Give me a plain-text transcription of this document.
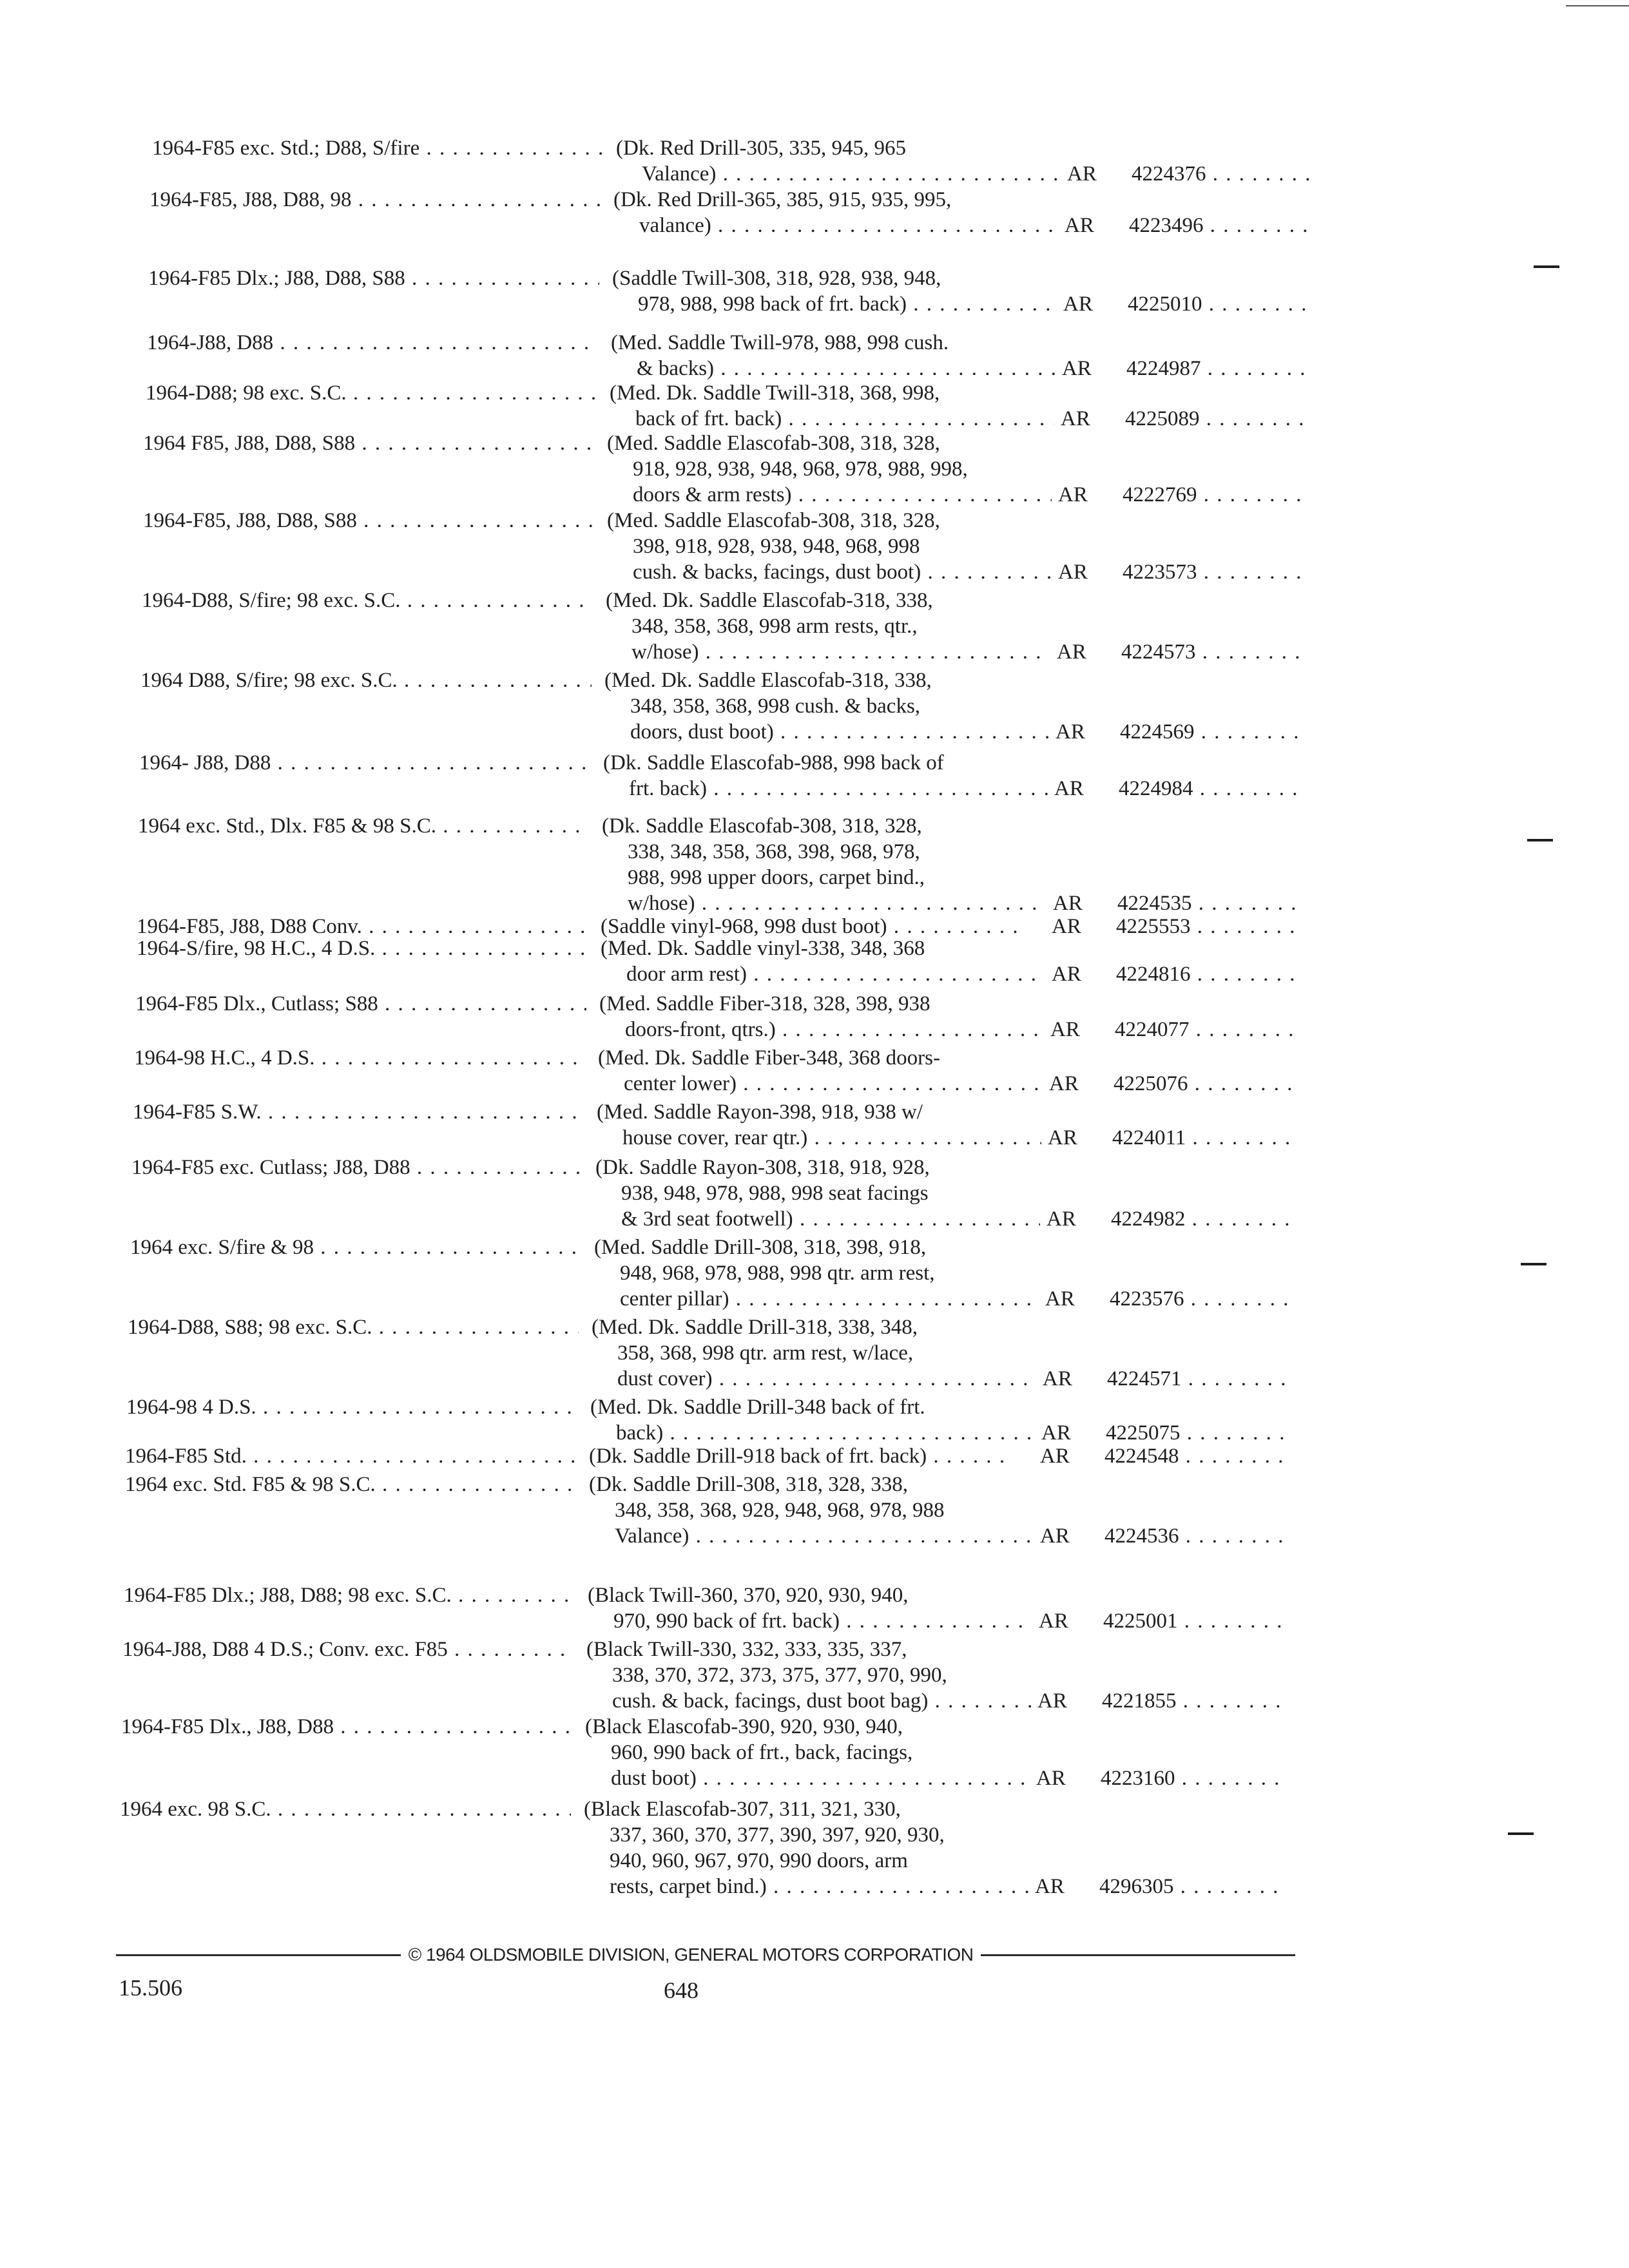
1964-F85 exc. Std.; D88, S/fire . . .	(Dk. Red Drill-305, 335, 945, 965
Valance) . . .	AR	4224376 . . .
1964-F85, J88, D88, 98 . . .	(Dk. Red Drill-365, 385, 915, 935, 995,
valance) . . .	AR	4223496 . . .
1964-F85 Dlx.; J88, D88, S88 . . .	(Saddle Twill-308, 318, 928, 938, 948,
978, 988, 998 back of frt. back) . . .	AR	4225010 . . .
1964-J88, D88 . . .	(Med. Saddle Twill-978, 988, 998 cush.
& backs) . . .	AR	4224987 . . .
1964-D88; 98 exc. S.C. . . .	(Med. Dk. Saddle Twill-318, 368, 998,
back of frt. back) . . .	AR	4225089 . . .
1964 F85, J88, D88, S88 . . .	(Med. Saddle Elascofab-308, 318, 328,
918, 928, 938, 948, 968, 978, 988, 998,
doors & arm rests) . . .	AR	4222769 . . .
1964-F85, J88, D88, S88 . . .	(Med. Saddle Elascofab-308, 318, 328,
398, 918, 928, 938, 948, 968, 998
cush. & backs, facings, dust boot) . . .	AR	4223573 . . .
1964-D88, S/fire; 98 exc. S.C. . . .	(Med. Dk. Saddle Elascofab-318, 338,
348, 358, 368, 998 arm rests, qtr.,
w/hose) . . .	AR	4224573 . . .
1964 D88, S/fire; 98 exc. S.C. . . .	(Med. Dk. Saddle Elascofab-318, 338,
348, 358, 368, 998 cush. & backs,
doors, dust boot) . . .	AR	4224569 . . .
1964- J88, D88 . . .	(Dk. Saddle Elascofab-988, 998 back of
frt. back) . . .	AR	4224984 . . .
1964 exc. Std., Dlx. F85 & 98 S.C. . . .	(Dk. Saddle Elascofab-308, 318, 328,
338, 348, 358, 368, 398, 968, 978,
988, 998 upper doors, carpet bind.,
w/hose) . . .	AR	4224535 . . .
1964-F85, J88, D88 Conv. . . .	(Saddle vinyl-968, 998 dust boot) . . .	AR	4225553 . . .
1964-S/fire, 98 H.C., 4 D.S. . . .	(Med. Dk. Saddle vinyl-338, 348, 368
door arm rest) . . .	AR	4224816 . . .
1964-F85 Dlx., Cutlass; S88 . . .	(Med. Saddle Fiber-318, 328, 398, 938
doors-front, qtrs.) . . .	AR	4224077 . . .
1964-98 H.C., 4 D.S. . . .	(Med. Dk. Saddle Fiber-348, 368 doors-
center lower) . . .	AR	4225076 . . .
1964-F85 S.W. . . .	(Med. Saddle Rayon-398, 918, 938 w/
house cover, rear qtr.) . . .	AR	4224011 . . .
1964-F85 exc. Cutlass; J88, D88 . . .	(Dk. Saddle Rayon-308, 318, 918, 928,
938, 948, 978, 988, 998 seat facings
& 3rd seat footwell) . . .	AR	4224982 . . .
1964 exc. S/fire & 98 . . .	(Med. Saddle Drill-308, 318, 398, 918,
948, 968, 978, 988, 998 qtr. arm rest,
center pillar) . . .	AR	4223576 . . .
1964-D88, S88; 98 exc. S.C. . . .	(Med. Dk. Saddle Drill-318, 338, 348,
358, 368, 998 qtr. arm rest, w/lace,
dust cover) . . .	AR	4224571 . . .
1964-98 4 D.S. . . .	(Med. Dk. Saddle Drill-348 back of frt.
back) . . .	AR	4225075 . . .
1964-F85 Std. . . .	(Dk. Saddle Drill-918 back of frt. back) . . .	AR	4224548 . . .
1964 exc. Std. F85 & 98 S.C. . . .	(Dk. Saddle Drill-308, 318, 328, 338,
348, 358, 368, 928, 948, 968, 978, 988
Valance) . . .	AR	4224536 . . .
1964-F85 Dlx.; J88, D88; 98 exc. S.C. . . .	(Black Twill-360, 370, 920, 930, 940,
970, 990 back of frt. back) . . .	AR	4225001 . . .
1964-J88, D88 4 D.S.; Conv. exc. F85 . . .	(Black Twill-330, 332, 333, 335, 337,
338, 370, 372, 373, 375, 377, 970, 990,
cush. & back, facings, dust boot bag) . . .	AR	4221855 . . .
1964-F85 Dlx., J88, D88 . . .	(Black Elascofab-390, 920, 930, 940,
960, 990 back of frt., back, facings,
dust boot) . . .	AR	4223160 . . .
1964 exc. 98 S.C. . . .	(Black Elascofab-307, 311, 321, 330,
337, 360, 370, 377, 390, 397, 920, 930,
940, 960, 967, 970, 990 doors, arm
rests, carpet bind.) . . .	AR	4296305 . . .
© 1964 OLDSMOBILE DIVISION, GENERAL MOTORS CORPORATION
15.506	648
